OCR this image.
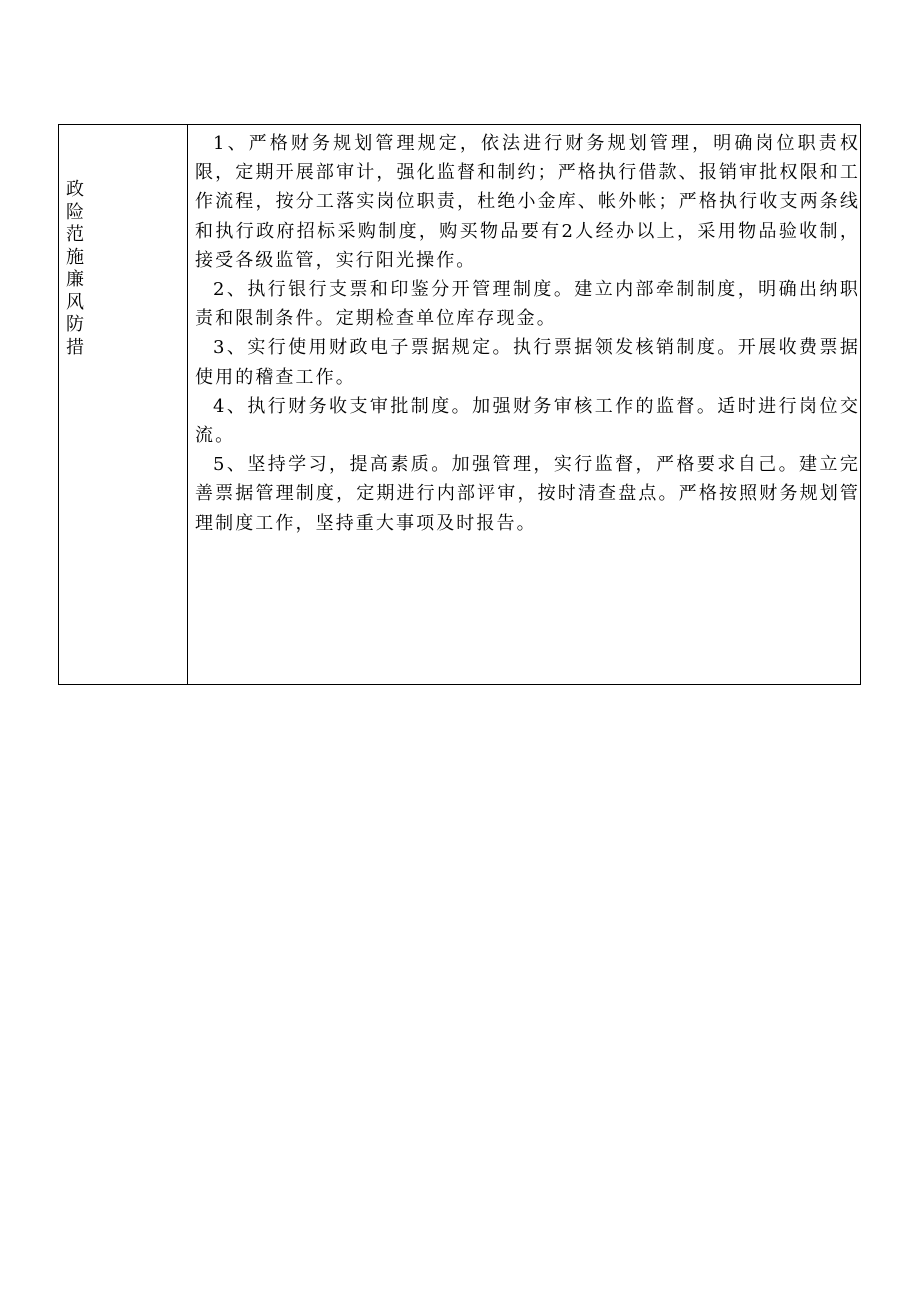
政险范施廉风防措

1、严格财务规划管理规定，依法进行财务规划管理，明确岗位职责权限，定期开展部审计，强化监督和制约；严格执行借款、报销审批权限和工作流程，按分工落实岗位职责，杜绝小金库、帐外帐；严格执行收支两条线和执行政府招标采购制度，购买物品要有2人经办以上，采用物品验收制，接受各级监管，实行阳光操作。

2、执行银行支票和印鉴分开管理制度。建立内部牵制制度，明确出纳职责和限制条件。定期检查单位库存现金。

3、实行使用财政电子票据规定。执行票据领发核销制度。开展收费票据使用的稽查工作。

4、执行财务收支审批制度。加强财务审核工作的监督。适时进行岗位交流。

5、坚持学习，提高素质。加强管理，实行监督，严格要求自己。建立完善票据管理制度，定期进行内部评审，按时清查盘点。严格按照财务规划管理制度工作，坚持重大事项及时报告。
